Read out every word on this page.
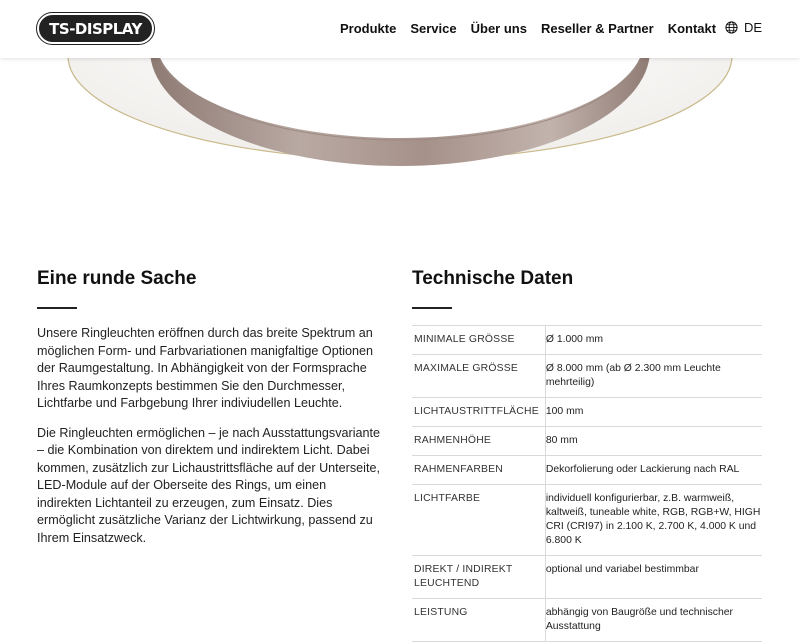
TS-DISPLAY	Produkte Service Über uns Reseller & Partner Kontakt DE
Eine runde Sache

Unsere Ringleuchten eröffnen durch das breite Spektrum an möglichen Form- und Farbvariationen manigfaltige Optionen der Raumgestaltung. In Abhängigkeit von der Formsprache Ihres Raumkonzepts bestimmen Sie den Durchmesser, Lichtfarbe und Farbgebung Ihrer indiviudellen Leuchte.

Die Ringleuchten ermöglichen – je nach Ausstattungsvariante – die Kombination von direktem und indirektem Licht. Dabei kommen, zusätzlich zur Lichaustrittsfläche auf der Unterseite, LED-Module auf der Oberseite des Rings, um einen indirekten Lichtanteil zu erzeugen, zum Einsatz. Dies ermöglicht zusätzliche Varianz der Lichtwirkung, passend zu Ihrem Einsatzweck.

Technische Daten
MINIMALE GRÖSSE	Ø 1.000 mm
MAXIMALE GRÖSSE	Ø 8.000 mm (ab Ø 2.300 mm Leuchte mehrteilig)
LICHTAUSTRITTFLÄCHE	100 mm
RAHMENHÖHE	80 mm
RAHMENFARBEN	Dekorfolierung oder Lackierung nach RAL
LICHTFARBE	individuell konfigurierbar, z.B. warmweiß, kaltweiß, tuneable white, RGB, RGB+W, HIGH CRI (CRI97) in 2.100 K, 2.700 K, 4.000 K und 6.800 K
DIREKT / INDIREKT LEUCHTEND	optional und variabel bestimmbar
LEISTUNG	abhängig von Baugröße und technischer Ausstattung
